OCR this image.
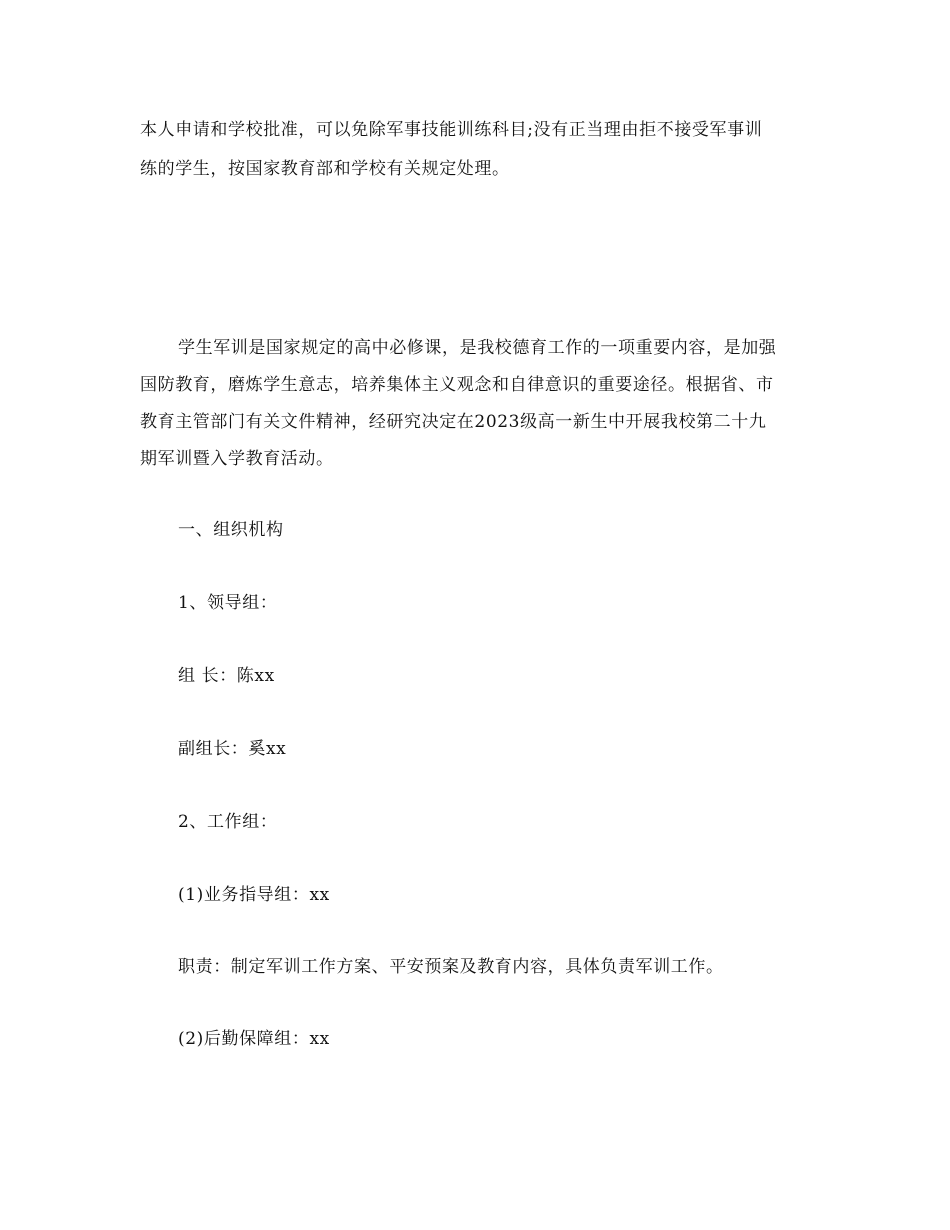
本人申请和学校批准，可以免除军事技能训练科目;没有正当理由拒不接受军事训
练的学生，按国家教育部和学校有关规定处理。
学生军训是国家规定的高中必修课，是我校德育工作的一项重要内容，是加强
国防教育，磨炼学生意志，培养集体主义观念和自律意识的重要途径。根据省、市
教育主管部门有关文件精神，经研究决定在2023级高一新生中开展我校第二十九
期军训暨入学教育活动。
一、组织机构
1、领导组：
组 长：陈xx
副组长：奚xx
2、工作组：
(1)业务指导组：xx
职责：制定军训工作方案、平安预案及教育内容，具体负责军训工作。
(2)后勤保障组：xx
